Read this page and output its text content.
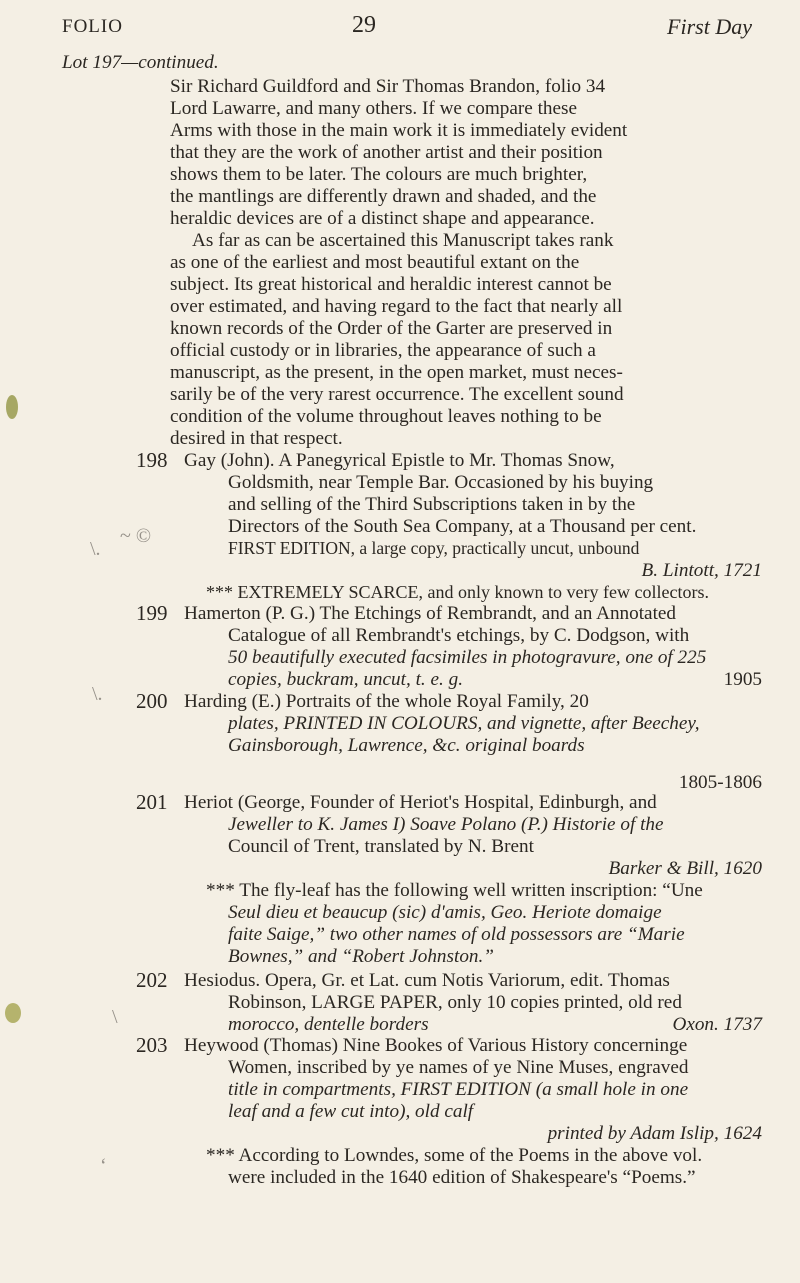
\.
~ ©
\.
\
‘
FOLIO	29	First Day
Lot 197—continued.
Sir Richard Guildford and Sir Thomas Brandon, folio 34
Lord Lawarre, and many others. If we compare these
Arms with those in the main work it is immediately evident
that they are the work of another artist and their position
shows them to be later. The colours are much brighter,
the mantlings are differently drawn and shaded, and the
heraldic devices are of a distinct shape and appearance.
As far as can be ascertained this Manuscript takes rank
as one of the earliest and most beautiful extant on the
subject. Its great historical and heraldic interest cannot be
over estimated, and having regard to the fact that nearly all
known records of the Order of the Garter are preserved in
official custody or in libraries, the appearance of such a
manuscript, as the present, in the open market, must neces-
sarily be of the very rarest occurrence. The excellent sound
condition of the volume throughout leaves nothing to be
desired in that respect.
198 Gay (John). A Panegyrical Epistle to Mr. Thomas Snow,
Goldsmith, near Temple Bar. Occasioned by his buying
and selling of the Third Subscriptions taken in by the
Directors of the South Sea Company, at a Thousand per cent.
FIRST EDITION, a large copy, practically uncut, unbound
B. Lintott, 1721
*** EXTREMELY SCARCE, and only known to very few collectors.
199 Hamerton (P. G.) The Etchings of Rembrandt, and an Annotated
Catalogue of all Rembrandt's etchings, by C. Dodgson, with
50 beautifully executed facsimiles in photogravure, one of 225
copies, buckram, uncut, t. e. g.	1905
200 Harding (E.) Portraits of the whole Royal Family, 20
plates, PRINTED IN COLOURS, and vignette, after Beechey,
Gainsborough, Lawrence, &c. original boards
1805-1806
201 Heriot (George, Founder of Heriot's Hospital, Edinburgh, and
Jeweller to K. James I) Soave Polano (P.) Historie of the
Council of Trent, translated by N. Brent
Barker & Bill, 1620
*** The fly-leaf has the following well written inscription: “Une
Seul dieu et beaucup (sic) d'amis, Geo. Heriote domaige
faite Saige,” two other names of old possessors are “Marie
Bownes,” and “Robert Johnston.”
202 Hesiodus. Opera, Gr. et Lat. cum Notis Variorum, edit. Thomas
Robinson, LARGE PAPER, only 10 copies printed, old red
morocco, dentelle borders	Oxon. 1737
203 Heywood (Thomas) Nine Bookes of Various History concerninge
Women, inscribed by ye names of ye Nine Muses, engraved
title in compartments, FIRST EDITION (a small hole in one
leaf and a few cut into), old calf
printed by Adam Islip, 1624
*** According to Lowndes, some of the Poems in the above vol.
were included in the 1640 edition of Shakespeare's “Poems.”
